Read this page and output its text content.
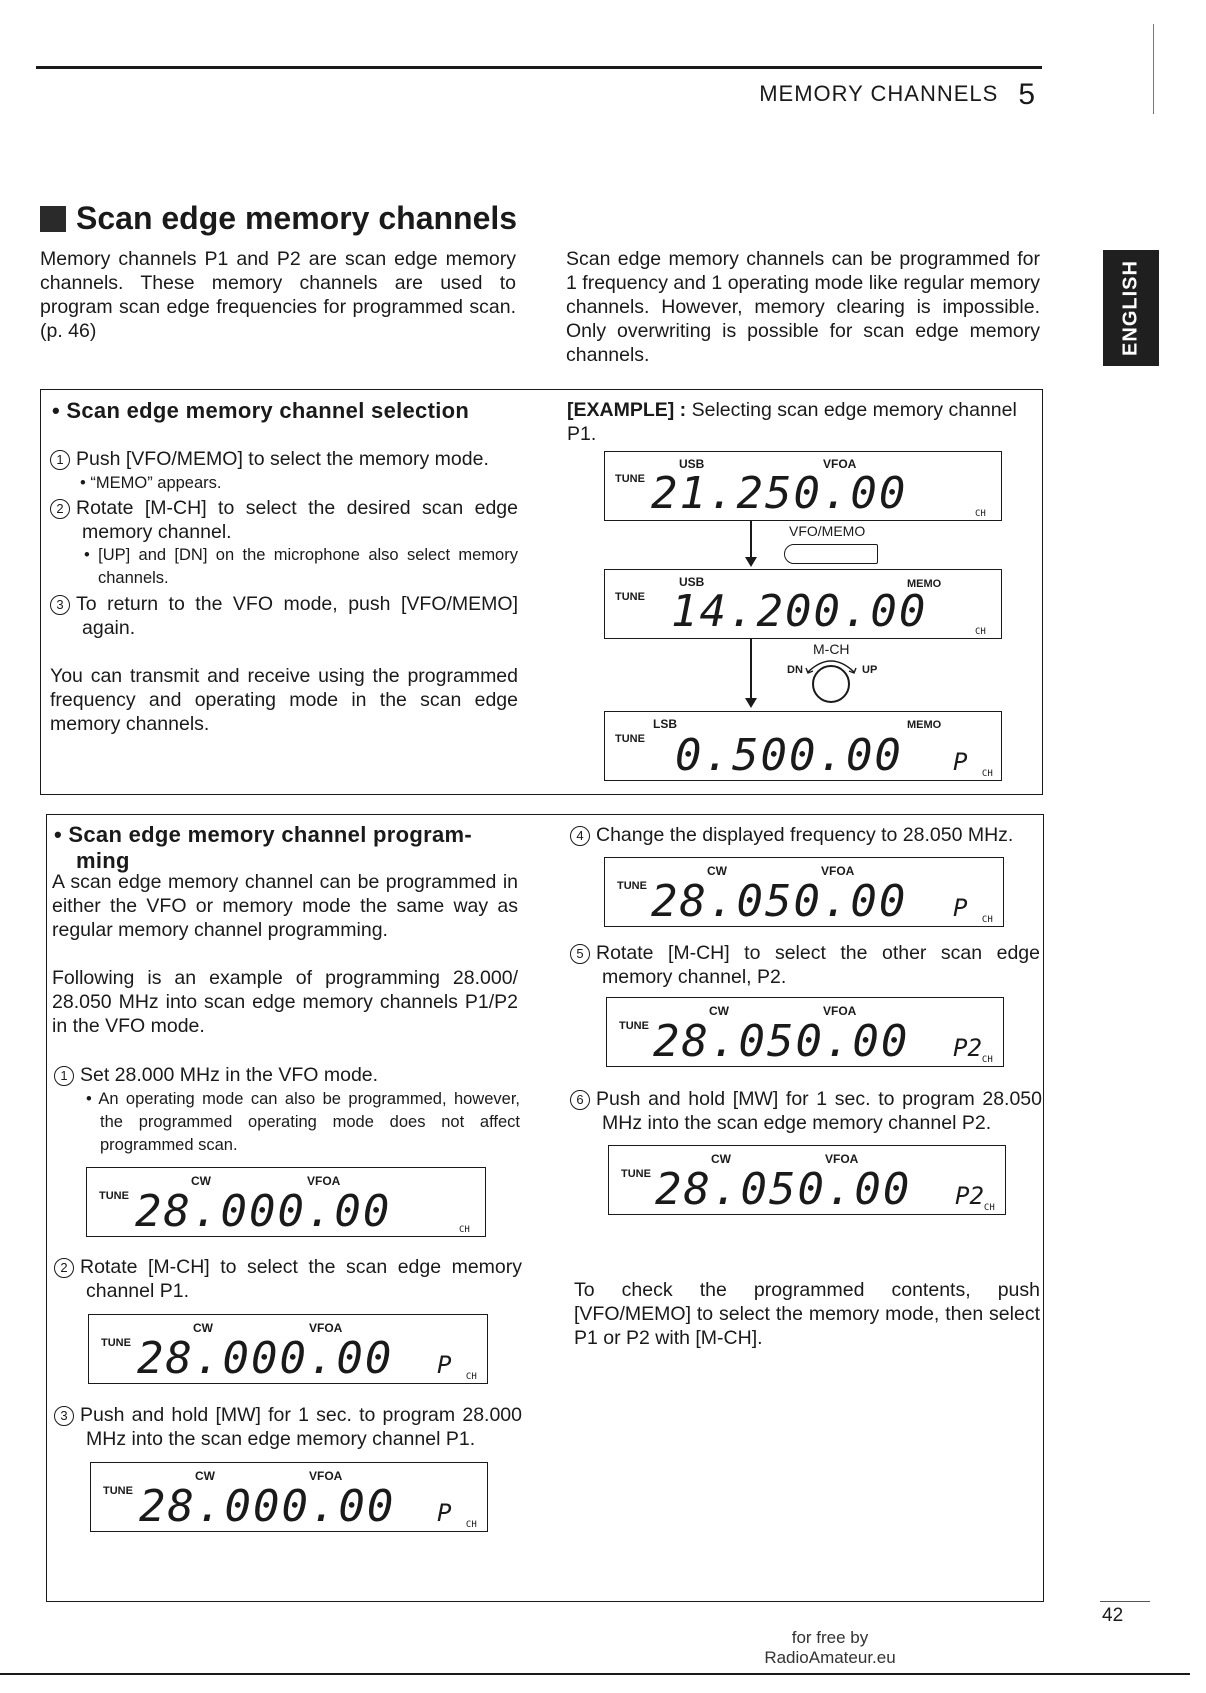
MEMORY CHANNELS 5
ENGLISH
Scan edge memory channels

Memory channels P1 and P2 are scan edge memory channels. These memory channels are used to program scan edge frequencies for programmed scan. (p. 46)

Scan edge memory channels can be programmed for 1 frequency and 1 operating mode like regular memory channels. However, memory clearing is impossible. Only overwriting is possible for scan edge memory channels.

• Scan edge memory channel selection
1 Push [VFO/MEMO] to select the memory mode.
• “MEMO” appears.
2 Rotate [M-CH] to select the desired scan edge memory channel.
• [UP] and [DN] on the microphone also select memory channels.
3 To return to the VFO mode, push [VFO/MEMO] again.

You can transmit and receive using the programmed frequency and operating mode in the scan edge memory channels.

[EXAMPLE] : Selecting scan edge memory channel P1.
USB	VFOA
TUNE 21.250.00	$_{CH}$
VFO/MEMO
USB	MEMO
TUNE 14.200.00	$_{CH}$
M-CH
DN	UP
LSB	MEMO
TUNE 0.500.00 P $_{CH}$
• Scan edge memory channel program-
ming

A scan edge memory channel can be programmed in either the VFO or memory mode the same way as regular memory channel programming.

Following is an example of programming 28.000/ 28.050 MHz into scan edge memory channels P1/P2 in the VFO mode.

1 Set 28.000 MHz in the VFO mode.
• An operating mode can also be programmed, however, the programmed operating mode does not affect programmed scan.
CW	VFOA
TUNE 28.000.00	$_{CH}$
2 Rotate [M-CH] to select the scan edge memory channel P1.
CW	VFOA
TUNE 28.000.00 P $_{CH}$
3 Push and hold [MW] for 1 sec. to program 28.000 MHz into the scan edge memory channel P1.
CW	VFOA
TUNE 28.000.00 P $_{CH}$
4 Change the displayed frequency to 28.050 MHz.
CW	VFOA
TUNE 28.050.00 P $_{CH}$
5 Rotate [M-CH] to select the other scan edge memory channel, P2.
CW	VFOA
TUNE 28.050.00 $P2_{CH}$
6 Push and hold [MW] for 1 sec. to program 28.050 MHz into the scan edge memory channel P2.
CW	VFOA
TUNE 28.050.00 $P2_{CH}$

To check the programmed contents, push [VFO/MEMO] to select the memory mode, then select P1 or P2 with [M-CH].

for free by
RadioAmateur.eu
42
